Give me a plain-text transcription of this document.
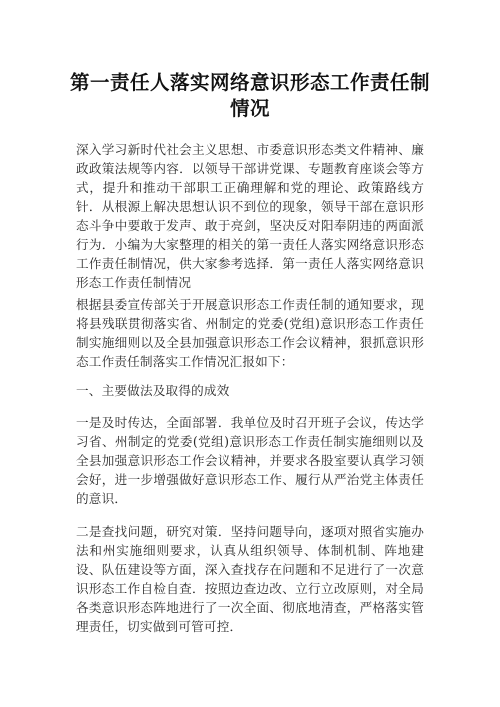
第一责任人落实网络意识形态工作责任制情况

深入学习新时代社会主义思想、市委意识形态类文件精神、廉政政策法规等内容．以领导干部讲党课、专题教育座谈会等方式，提升和推动干部职工正确理解和党的理论、政策路线方针．从根源上解决思想认识不到位的现象，领导干部在意识形态斗争中要敢于发声、敢于亮剑，坚决反对阳奉阴违的两面派行为．小编为大家整理的相关的第一责任人落实网络意识形态工作责任制情况，供大家参考选择．第一责任人落实网络意识形态工作责任制情况

根据县委宣传部关于开展意识形态工作责任制的通知要求，现将县残联贯彻落实省、州制定的党委(党组)意识形态工作责任制实施细则以及全县加强意识形态工作会议精神，狠抓意识形态工作责任制落实工作情况汇报如下：

一、主要做法及取得的成效

一是及时传达，全面部署．我单位及时召开班子会议，传达学习省、州制定的党委(党组)意识形态工作责任制实施细则以及全县加强意识形态工作会议精神，并要求各股室要认真学习领会好，进一步增强做好意识形态工作、履行从严治党主体责任的意识．

二是查找问题，研究对策．坚持问题导向，逐项对照省实施办法和州实施细则要求，认真从组织领导、体制机制、阵地建设、队伍建设等方面，深入查找存在问题和不足进行了一次意识形态工作自检自查．按照边查边改、立行立改原则，对全局各类意识形态阵地进行了一次全面、彻底地清查，严格落实管理责任，切实做到可管可控．
